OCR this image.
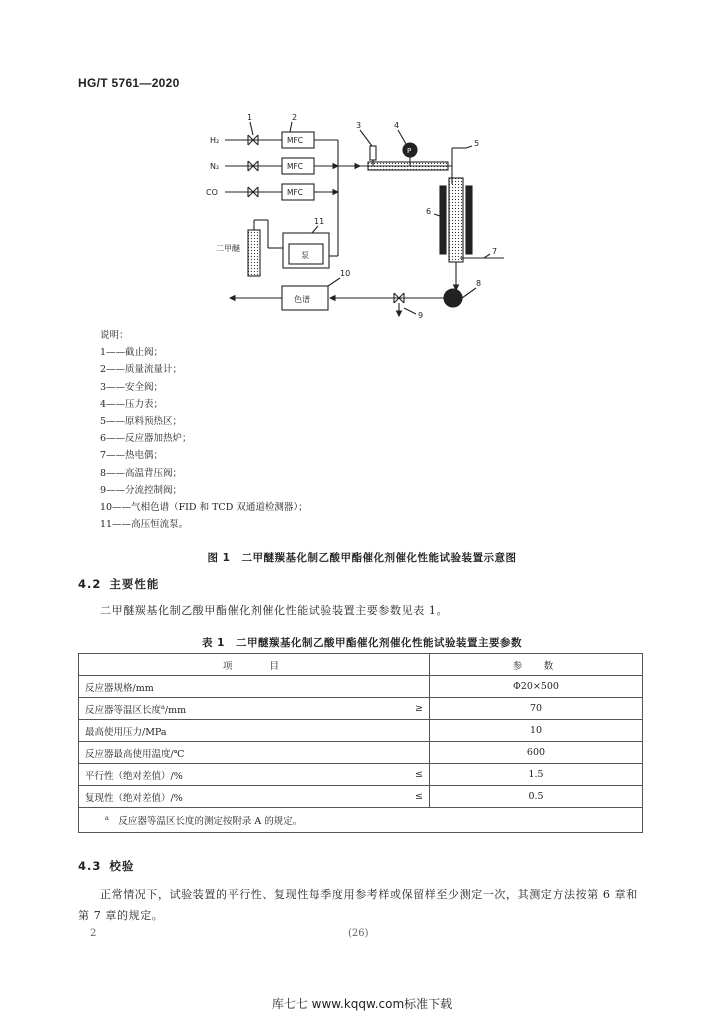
HG/T 5761—2020
1	2
3	4
5
6
7
8
9
10
11
H₂
N₂
CO
MFC
MFC
MFC
P
泵
色谱
二甲醚
说明：
1——截止阀；
2——质量流量计；
3——安全阀；
4——压力表；
5——原料预热区；
6——反应器加热炉；
7——热电偶；
8——高温背压阀；
9——分流控制阀；
10——气相色谱（FID 和 TCD 双通道检测器）；
11——高压恒流泵。
图 1　二甲醚羰基化制乙酸甲酯催化剂催化性能试验装置示意图
4.2 主要性能
二甲醚羰基化制乙酸甲酯催化剂催化性能试验装置主要参数见表 1。
表 1　二甲醚羰基化制乙酸甲酯催化剂催化性能试验装置主要参数
项　　目		参　数
反应器规格/mm		Φ20×500
反应器等温区长度$^a$/mm	≥	70
最高使用压力/MPa		10
反应器最高使用温度/℃		600
平行性（绝对差值）/%	≤	1.5
复现性（绝对差值）/%	≤	0.5
$^a$　 反应器等温区长度的测定按附录 A 的规定。		
4.3 校验
正常情况下，试验装置的平行性、复现性每季度用参考样或保留样至少测定一次，其测定方法按第 6 章和第 7 章的规定。
2	(26)
库七七 www.kqqw.com标准下载
